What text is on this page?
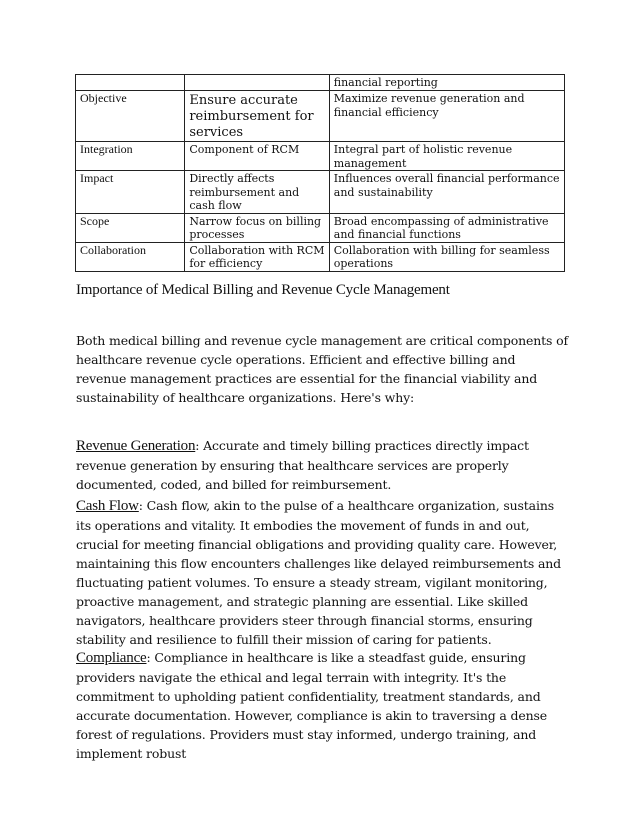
		financial reporting
Objective	Ensure accurate reimbursement for services	Maximize revenue generation and financial efficiency
Integration	Component of RCM	Integral part of holistic revenue management
Impact	Directly affects reimbursement and cash flow	Influences overall financial performance and sustainability
Scope	Narrow focus on billing processes	Broad encompassing of administrative and financial functions
Collaboration	Collaboration with RCM for efficiency	Collaboration with billing for seamless operations
Importance of Medical Billing and Revenue Cycle Management

Both medical billing and revenue cycle management are critical components of healthcare revenue cycle operations. Efficient and effective billing and revenue management practices are essential for the financial viability and sustainability of healthcare organizations. Here's why:

Revenue Generation: Accurate and timely billing practices directly impact revenue generation by ensuring that healthcare services are properly documented, coded, and billed for reimbursement.

Cash Flow: Cash flow, akin to the pulse of a healthcare organization, sustains its operations and vitality. It embodies the movement of funds in and out, crucial for meeting financial obligations and providing quality care. However, maintaining this flow encounters challenges like delayed reimbursements and fluctuating patient volumes. To ensure a steady stream, vigilant monitoring, proactive management, and strategic planning are essential. Like skilled navigators, healthcare providers steer through financial storms, ensuring stability and resilience to fulfill their mission of caring for patients.

Compliance: Compliance in healthcare is like a steadfast guide, ensuring providers navigate the ethical and legal terrain with integrity. It's the commitment to upholding patient confidentiality, treatment standards, and accurate documentation. However, compliance is akin to traversing a dense forest of regulations. Providers must stay informed, undergo training, and implement robust
